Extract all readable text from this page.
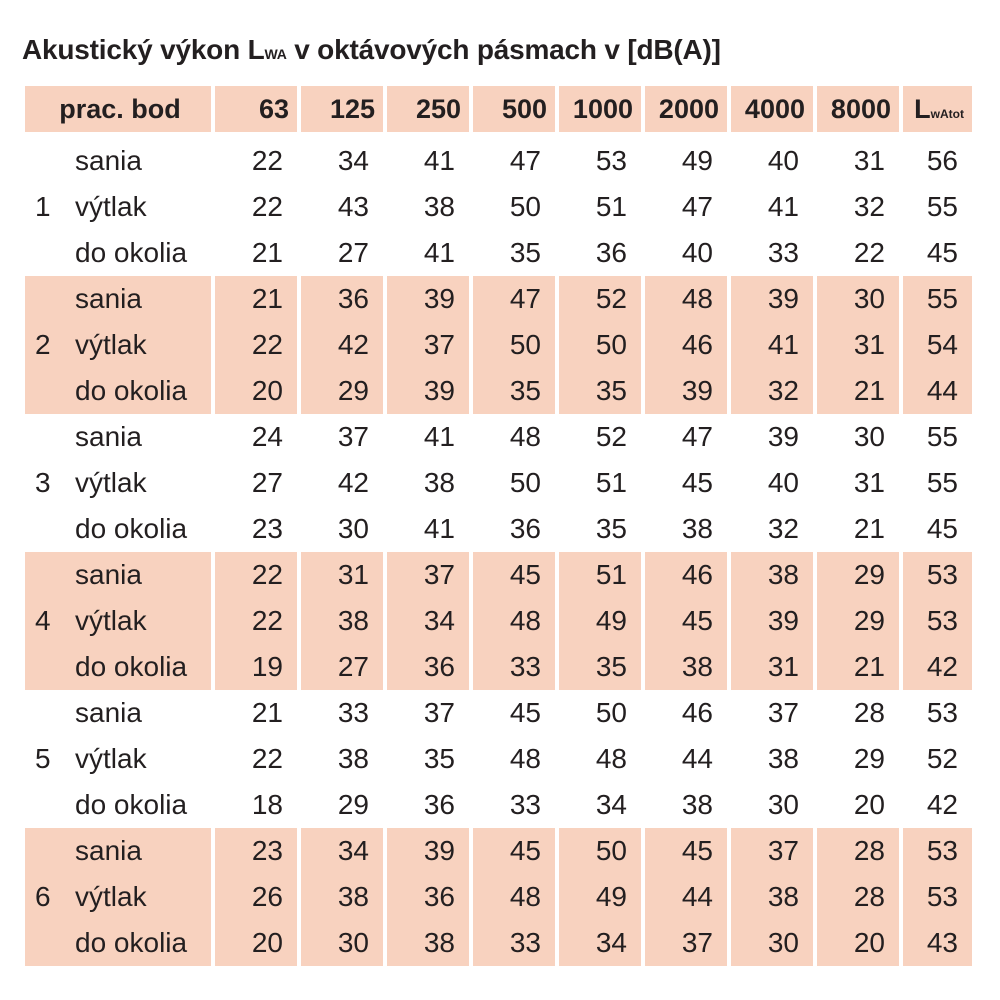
Akustický výkon LWA v oktávových pásmach v [dB(A)]
prac. bod	63	125	250	500	1000	2000	4000	8000	LwAtot

sania	22	34	41	47	53	49	40	31	56
1 výtlak	22	43	38	50	51	47	41	32	55
do okolia	21	27	41	35	36	40	33	22	45
sania	21	36	39	47	52	48	39	30	55
2 výtlak	22	42	37	50	50	46	41	31	54
do okolia	20	29	39	35	35	39	32	21	44
sania	24	37	41	48	52	47	39	30	55
3 výtlak	27	42	38	50	51	45	40	31	55
do okolia	23	30	41	36	35	38	32	21	45
sania	22	31	37	45	51	46	38	29	53
4 výtlak	22	38	34	48	49	45	39	29	53
do okolia	19	27	36	33	35	38	31	21	42
sania	21	33	37	45	50	46	37	28	53
5 výtlak	22	38	35	48	48	44	38	29	52
do okolia	18	29	36	33	34	38	30	20	42
sania	23	34	39	45	50	45	37	28	53
6 výtlak	26	38	36	48	49	44	38	28	53
do okolia	20	30	38	33	34	37	30	20	43
